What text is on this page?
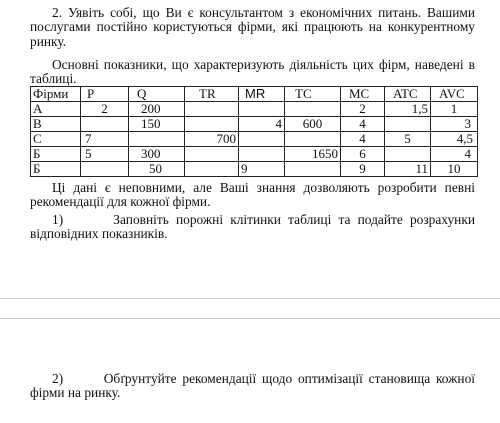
2. Уявіть собі, що Ви є консультантом з економічних питань. Вашими послугами постійно користуються фірми, які працюють на конкурентному ринку.

Основні показники, що характеризують діяльність цих фірм, наведені в таблиці.

Фірми	P	Q	TR	MR	TC	MC	ATC	AVC
А	2	200				2	1,5	1
В		150		4	600	4		3
С	7		700			4	5	4,5
Б	5	300			1650	6		4
Б		50		9		9	11	10

Ці дані є неповними, але Ваші знання дозволяють розробити певні рекомендації для кожної фірми.

1)       Заповніть порожні клітинки таблиці та подайте розрахунки відповідних показників.

2)       Обґрунтуйте рекомендації щодо оптимізації становища кожної фірми на ринку.
